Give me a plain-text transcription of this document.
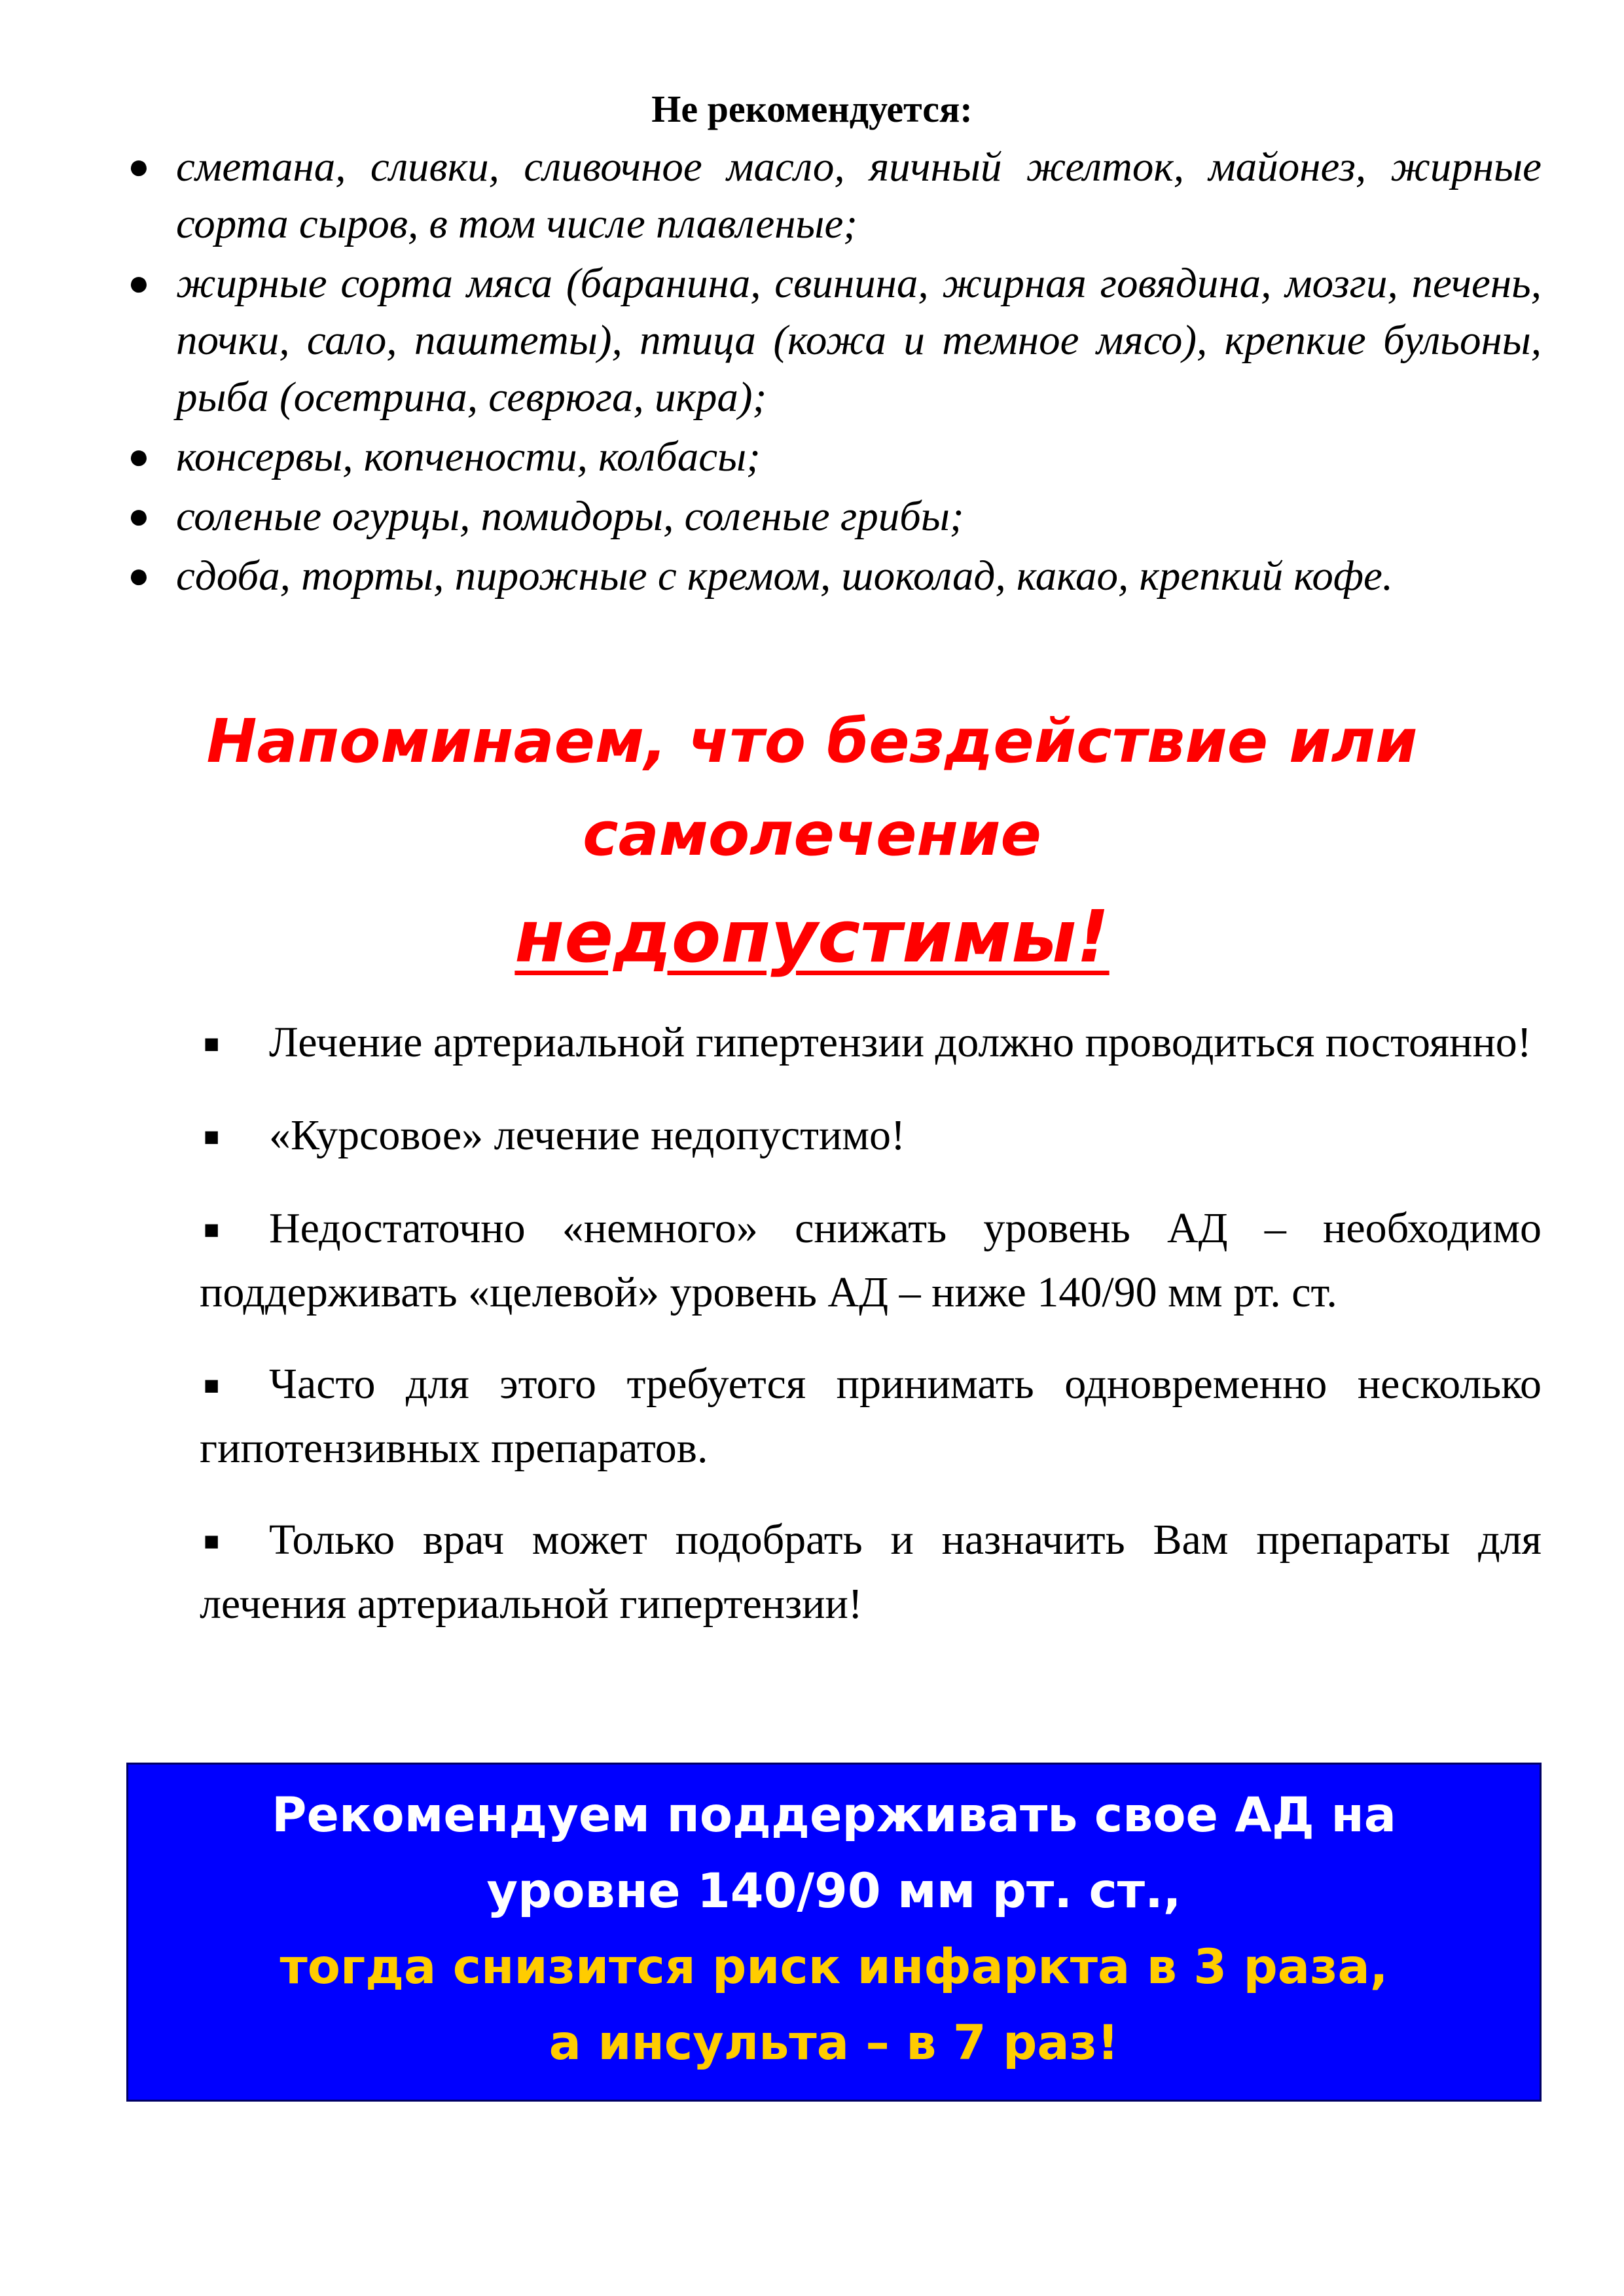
Не рекомендуется:
● сметана, сливки, сливочное масло, яичный желток, майонез, жирные сорта сыров, в том числе плавленые;
● жирные сорта мяса (баранина, свинина, жирная говядина, мозги, печень, почки, сало, паштеты), птица (кожа и темное мясо), крепкие бульоны, рыба (осетрина, севрюга, икра);
● консервы, копчености, колбасы;
● соленые огурцы, помидоры, соленые грибы;
● сдоба, торты, пирожные с кремом, шоколад, какао, крепкий кофе.
Напоминаем, что бездействие или
самолечение
недопустимы!
■ Лечение артериальной гипертензии должно проводиться постоянно!
■ «Курсовое» лечение недопустимо!
■ Недостаточно «немного» снижать уровень АД – необходимо поддерживать «целевой» уровень АД – ниже 140/90 мм рт. ст.
■ Часто для этого требуется принимать одновременно несколько гипотензивных препаратов.
■ Только врач может подобрать и назначить Вам препараты для лечения артериальной гипертензии!
Рекомендуем поддерживать свое АД на
уровне 140/90 мм рт. ст.,
тогда снизится риск инфаркта в 3 раза,
а инсульта – в 7 раз!
